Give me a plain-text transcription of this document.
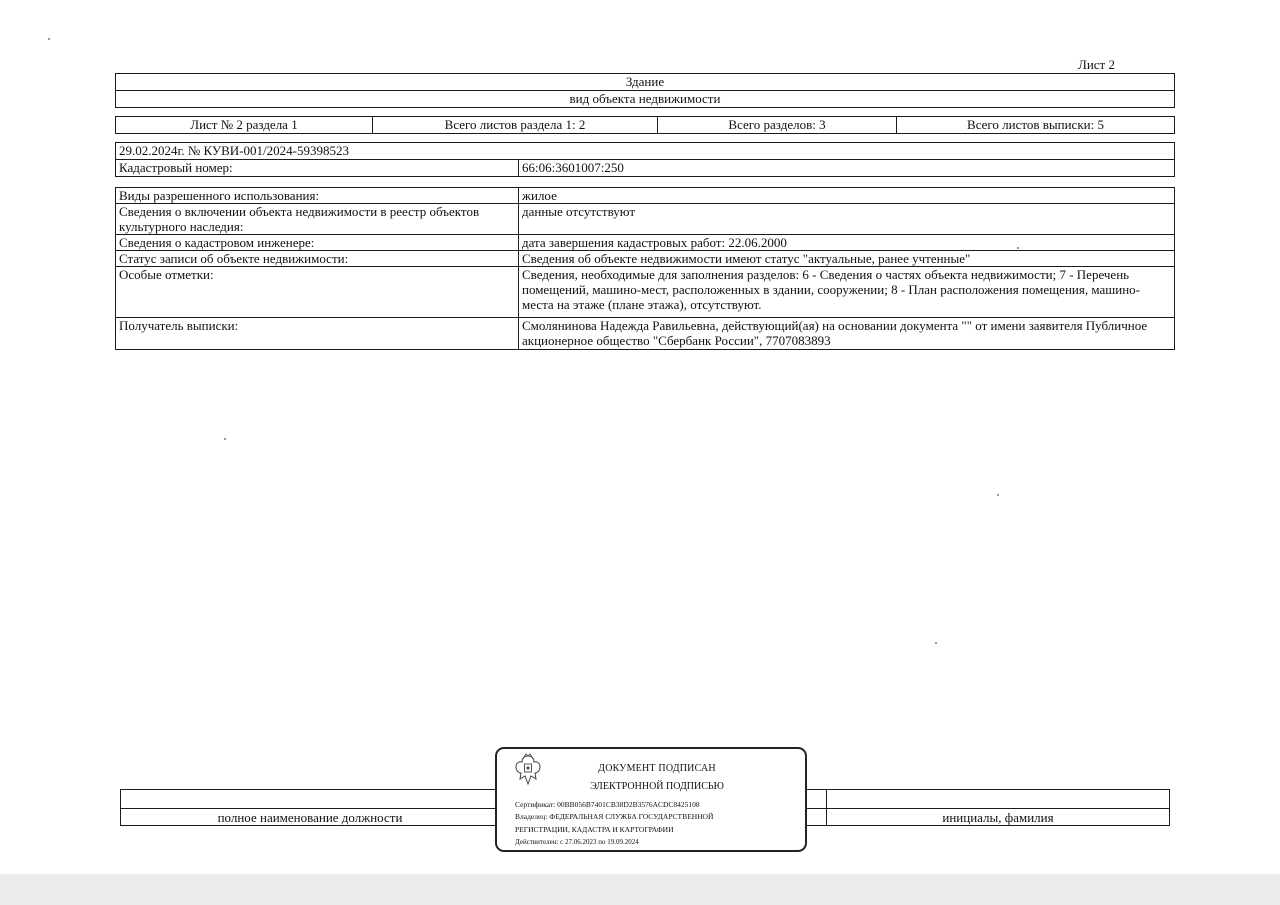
Лист 2
Здание
вид объекта недвижимости
Лист № 2 раздела 1	Всего листов раздела 1: 2	Всего разделов: 3	Всего листов выписки: 5
29.02.2024г. № КУВИ-001/2024-59398523
Кадастровый номер:	66:06:3601007:250
Виды разрешенного использования:	жилое
Сведения о включении объекта недвижимости в реестр объектов культурного наследия:	данные отсутствуют
Сведения о кадастровом инженере:	дата завершения кадастровых работ: 22.06.2000
Статус записи об объекте недвижимости:	Сведения об объекте недвижимости имеют статус "актуальные, ранее учтенные"
Особые отметки:	Сведения, необходимые для заполнения разделов: 6 - Сведения о частях объекта недвижимости; 7 - Перечень помещений, машино-мест, расположенных в здании, сооружении; 8 - План расположения помещения, машино-места на этаже (плане этажа), отсутствуют.
Получатель выписки:	Смолянинова Надежда Равильевна, действующий(ая) на основании документа "" от имени заявителя Публичное акционерное общество "Сбербанк России", 7707083893

полное наименование должности		инициалы, фамилия
ДОКУМЕНТ ПОДПИСАН
ЭЛЕКТРОННОЙ ПОДПИСЬЮ
Сертификат: 00BB056B7401CB38D2B3576ACDC8425108
Владелец: ФЕДЕРАЛЬНАЯ СЛУЖБА ГОСУДАРСТВЕННОЙ
РЕГИСТРАЦИИ, КАДАСТРА И КАРТОГРАФИИ
Действителен: с 27.06.2023 по 19.09.2024
